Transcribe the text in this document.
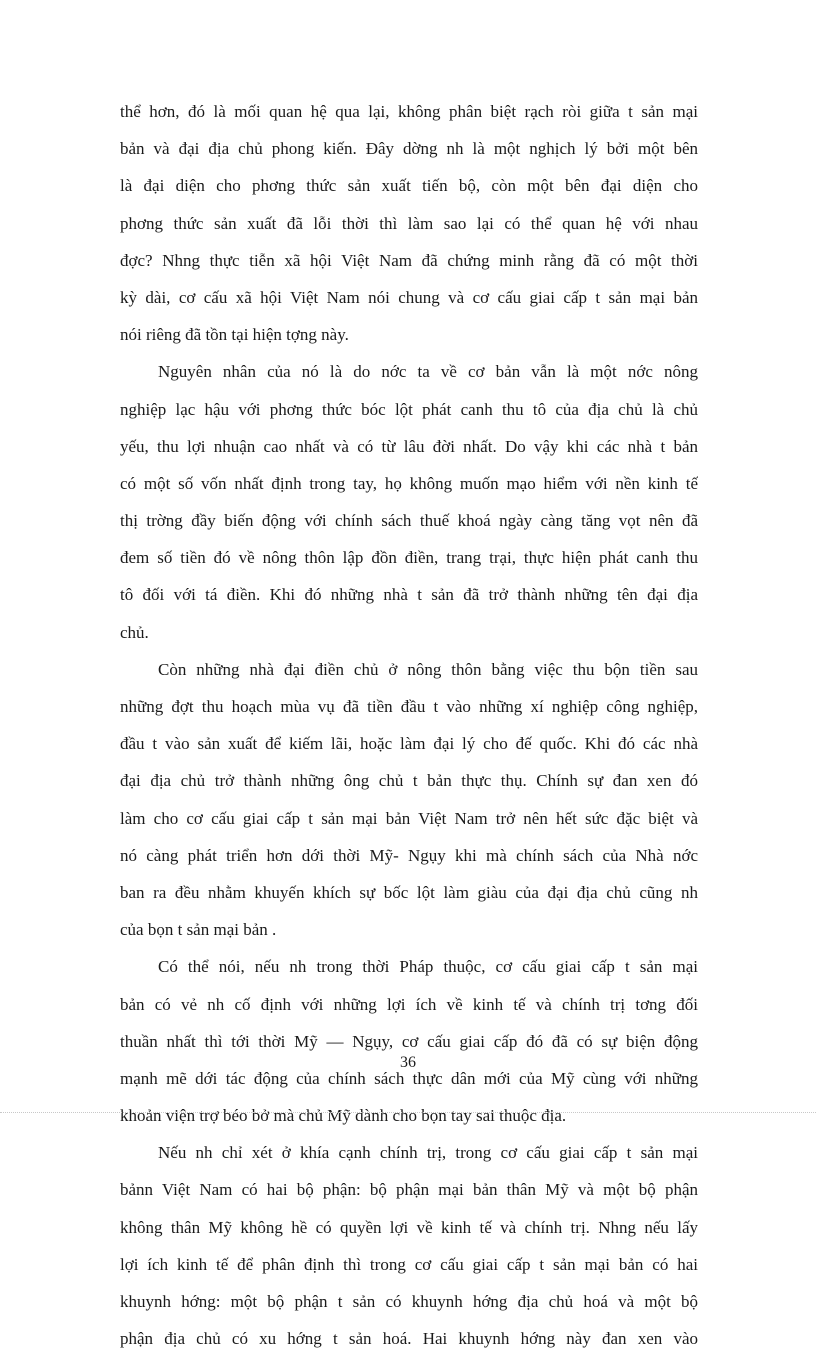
thể hơn, đó là mối quan hệ qua lại, không phân biệt rạch ròi giữa t sản mại
bản và đại địa chủ phong kiến. Đây dờng nh là một nghịch lý bởi một bên
là đại diện cho phơng thức sản xuất tiến bộ, còn một bên đại diện cho
phơng thức sản xuất đã lỗi thời thì làm sao lại có thể quan hệ với nhau
đợc? Nhng thực tiễn xã hội Việt Nam đã chứng minh rằng đã có một thời
kỳ dài, cơ cấu xã hội Việt Nam nói chung và cơ cấu giai cấp t sản mại bản
nói riêng đã tồn tại hiện tợng này.
Nguyên nhân của nó là do nớc ta về cơ bản vẫn là một nớc nông
nghiệp lạc hậu với phơng thức bóc lột phát canh thu tô của địa chủ là chủ
yếu, thu lợi nhuận cao nhất và có từ lâu đời nhất. Do vậy khi các nhà t bản
có một số vốn nhất định trong tay, họ không muốn mạo hiểm với nền kinh tế
thị trờng đầy biến động với chính sách thuế khoá ngày càng tăng vọt nên đã
đem số tiền đó về nông thôn lập đồn điền, trang trại, thực hiện phát canh thu
tô đối với tá điền. Khi đó những nhà t sản đã trở thành những tên đại địa
chủ.
Còn những nhà đại điền chủ ở nông thôn bằng việc thu bộn tiền sau
những đợt thu hoạch mùa vụ đã tiền đầu t vào những xí nghiệp công nghiệp,
đầu t vào sản xuất để kiếm lãi, hoặc làm đại lý cho đế quốc. Khi đó các nhà
đại địa chủ trở thành những ông chủ t bản thực thụ. Chính sự đan xen đó
làm cho cơ cấu giai cấp t sản mại bản Việt Nam trở nên hết sức đặc biệt và
nó càng phát triển hơn dới thời Mỹ- Ngụy khi mà chính sách của Nhà nớc
ban ra đều nhằm khuyến khích sự bốc lột làm giàu của đại địa chủ cũng nh
của bọn t sản mại bản .
Có thể nói, nếu nh trong thời Pháp thuộc, cơ cấu giai cấp t sản mại
bản có vẻ nh cố định với những lợi ích về kinh tế và chính trị tơng đối
thuần nhất thì tới thời Mỹ — Ngụy, cơ cấu giai cấp đó đã có sự biện động
mạnh mẽ dới tác động của chính sách thực dân mới của Mỹ cùng với những
khoản viện trợ béo bở mà chủ Mỹ dành cho bọn tay sai thuộc địa.
Nếu nh chỉ xét ở khía cạnh chính trị, trong cơ cấu giai cấp t sản mại
bảnn Việt Nam có hai bộ phận: bộ phận mại bản thân Mỹ và một bộ phận
không thân Mỹ không hề có quyền lợi về kinh tế và chính trị. Nhng nếu lấy
lợi ích kinh tế để phân định thì trong cơ cấu giai cấp t sản mại bản có hai
khuynh hớng: một bộ phận t sản có khuynh hớng địa chủ hoá và một bộ
phận địa chủ có xu hớng t sản hoá. Hai khuynh hớng này đan xen vào
36
